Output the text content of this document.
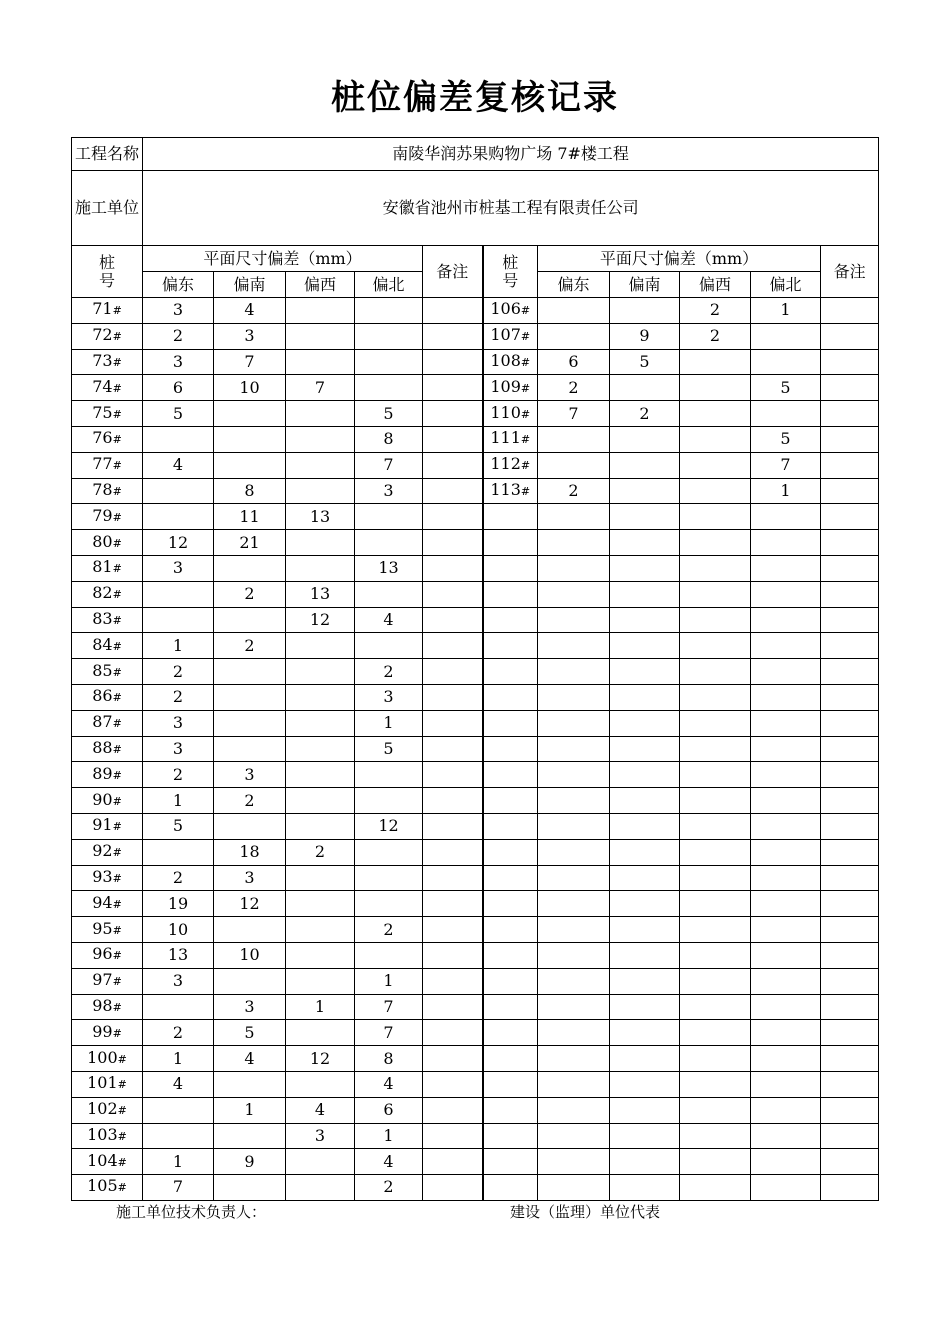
桩位偏差复核记录
工程名称	南陵华润苏果购物广场 7#楼工程										
施工单位	安徽省池州市桩基工程有限责任公司										
桩
号	平面尺寸偏差（mm）				备注	桩
号	平面尺寸偏差（mm）				备注
	偏东	偏南	偏西	偏北			偏东	偏南	偏西	偏北	
71#	3	4				106#			2	1	
72#	2	3				107#		9	2		
73#	3	7				108#	6	5			
74#	6	10	7			109#	2			5	
75#	5			5		110#	7	2			
76#				8		111#				5	
77#	4			7		112#				7	
78#		8		3		113#	2			1	
79#		11	13								
80#	12	21									
81#	3			13							
82#		2	13								
83#			12	4							
84#	1	2									
85#	2			2							
86#	2			3							
87#	3			1							
88#	3			5							
89#	2	3									
90#	1	2									
91#	5			12							
92#		18	2								
93#	2	3									
94#	19	12									
95#	10			2							
96#	13	10									
97#	3			1							
98#		3	1	7							
99#	2	5		7							
100#	1	4	12	8							
101#	4			4							
102#		1	4	6							
103#			3	1							
104#	1	9		4							
105#	7			2							
施工单位技术负责人：	建设（监理）单位代表
